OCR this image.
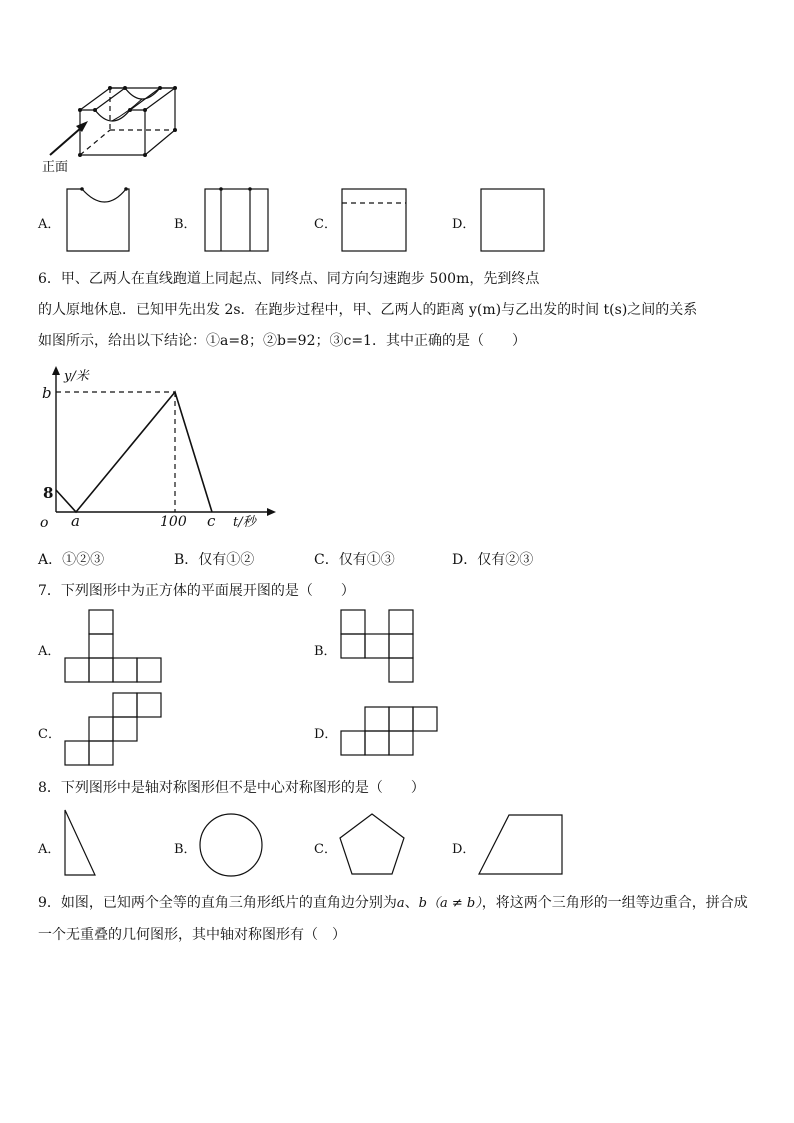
正面
A．	B．	C．	D．
6．甲、乙两人在直线跑道上同起点、同终点、同方向匀速跑步 500m，先到终点
的人原地休息．已知甲先出发 2s．在跑步过程中，甲、乙两人的距离 y(m)与乙出发的时间 t(s)之间的关系
如图所示，给出以下结论：①a=8；②b=92；③c=1．其中正确的是（　　）
y/米
b
8
o a	100 c t/秒
A．①②③	B．仅有①②	C．仅有①③	D．仅有②③
7．下列图形中为正方体的平面展开图的是（　　）
A．	B．
C．	D．
8．下列图形中是轴对称图形但不是中心对称图形的是（　　）
A．	B．	C．	D．
9．如图，已知两个全等的直角三角形纸片的直角边分别为a、b（a ≠ b），将这两个三角形的一组等边重合，拼合成
一个无重叠的几何图形，其中轴对称图形有（　）
